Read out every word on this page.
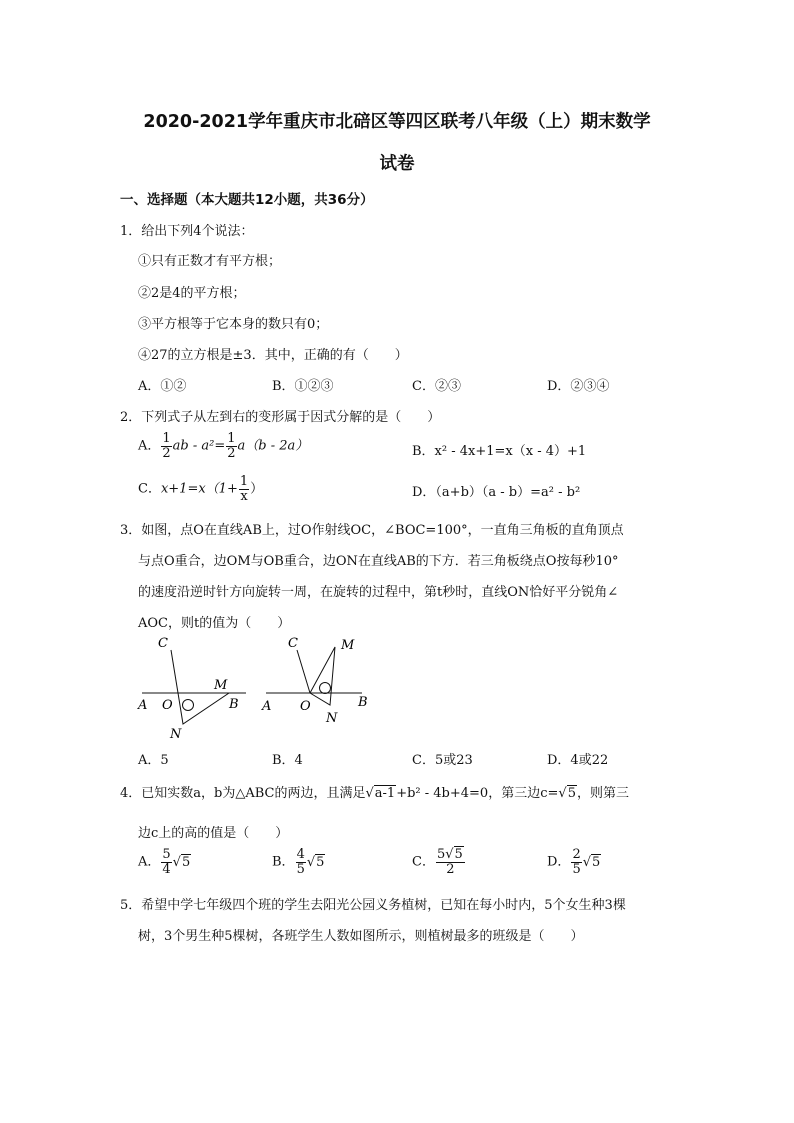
2020-2021学年重庆市北碚区等四区联考八年级（上）期末数学
试卷
一、选择题（本大题共12小题，共36分）
1．给出下列4个说法：
①只有正数才有平方根；
②2是4的平方根；
③平方根等于它本身的数只有0；
④27的立方根是±3．其中，正确的有（　　）
A．①②	B．①②③	C．②③	D．②③④
2．下列式子从左到右的变形属于因式分解的是（　　）
A． $\frac{1}{2}$ ab - $a^2= \frac{1}{2} a(b - 2a)$	B．x² - 4x+1=x（x - 4）+1
C．$x+1=x(1+ \frac{1}{x}$ ）	D．（a+b）（a - b）=a² - b²
3．如图，点O在直线AB上，过O作射线OC，∠BOC=100°，一直角三角板的直角顶点
与点O重合，边OM与OB重合，边ON在直线AB的下方．若三角板绕点O按每秒10°
的速度沿逆时针方向旋转一周，在旋转的过程中，第t秒时，直线ON恰好平分锐角∠
AOC，则t的值为（　　）
C
A O
M
B
N
C	M
A O	B
N
A．5	B．4	C．5或23	D．4或22
4．已知实数a，b为△ABC的两边，且满足√a-1+b² - 4b+4=0，第三边c=√5，则第三
边c上的高的值是（　　）
A． $\frac{5}{4} √5$	B． $\frac{4}{5} √5$	C． $\frac{5√5}{2}$	D． $\frac{2}{5} √5$
5．希望中学七年级四个班的学生去阳光公园义务植树，已知在每小时内，5个女生种3棵
树，3个男生种5棵树，各班学生人数如图所示，则植树最多的班级是（　　）
